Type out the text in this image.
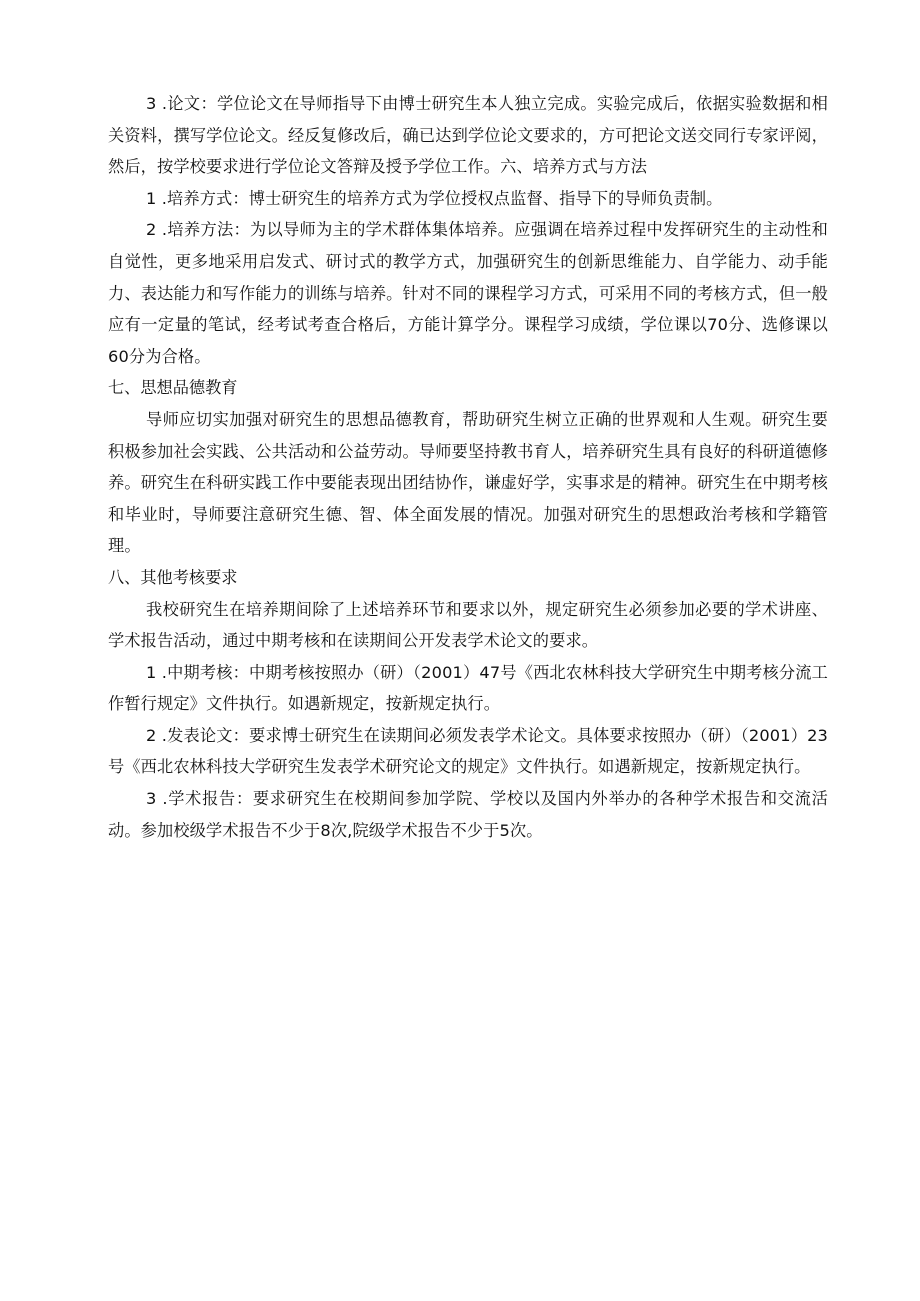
3 .论文：学位论文在导师指导下由博士研究生本人独立完成。实验完成后，依据实验数据和相关资料，撰写学位论文。经反复修改后，确已达到学位论文要求的，方可把论文送交同行专家评阅，然后，按学校要求进行学位论文答辩及授予学位工作。六、培养方式与方法

1 .培养方式：博士研究生的培养方式为学位授权点监督、指导下的导师负责制。

2 .培养方法：为以导师为主的学术群体集体培养。应强调在培养过程中发挥研究生的主动性和自觉性，更多地采用启发式、研讨式的教学方式，加强研究生的创新思维能力、自学能力、动手能力、表达能力和写作能力的训练与培养。针对不同的课程学习方式，可采用不同的考核方式，但一般应有一定量的笔试，经考试考查合格后，方能计算学分。课程学习成绩，学位课以70分、选修课以60分为合格。

七、思想品德教育

导师应切实加强对研究生的思想品德教育，帮助研究生树立正确的世界观和人生观。研究生要积极参加社会实践、公共活动和公益劳动。导师要坚持教书育人，培养研究生具有良好的科研道德修养。研究生在科研实践工作中要能表现出团结协作，谦虚好学，实事求是的精神。研究生在中期考核和毕业时，导师要注意研究生德、智、体全面发展的情况。加强对研究生的思想政治考核和学籍管理。

八、其他考核要求

我校研究生在培养期间除了上述培养环节和要求以外，规定研究生必须参加必要的学术讲座、学术报告活动，通过中期考核和在读期间公开发表学术论文的要求。

1 .中期考核：中期考核按照办（研）（2001）47号《西北农林科技大学研究生中期考核分流工作暂行规定》文件执行。如遇新规定，按新规定执行。

2 .发表论文：要求博士研究生在读期间必须发表学术论文。具体要求按照办（研）（2001）23号《西北农林科技大学研究生发表学术研究论文的规定》文件执行。如遇新规定，按新规定执行。

3 .学术报告：要求研究生在校期间参加学院、学校以及国内外举办的各种学术报告和交流活动。参加校级学术报告不少于8次,院级学术报告不少于5次。
